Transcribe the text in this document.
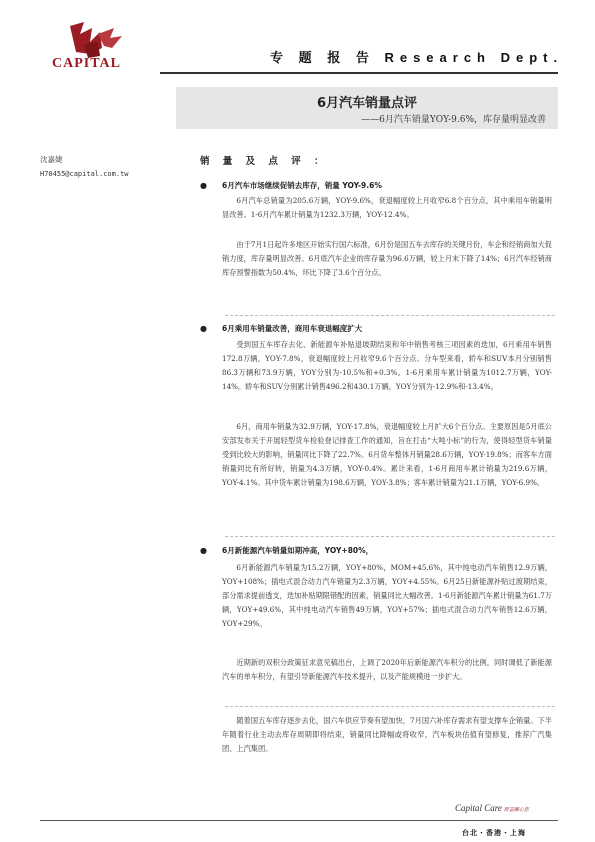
CAPITAL	专 题 报 告 Research Dept.
6月汽车销量点评
——6月汽车销量YOY-9.6%，库存量明显改善
沈嘉婕
H70455@capital.com.tw
销 量 及 点 评 ：
● 6月汽车市场继续促销去库存，销量 YOY-9.6%
6月汽车总销量为205.6万辆，YOY-9.6%，衰退幅度较上月收窄6.8个百分点，其中乘用车销量明显改善。1-6月汽车累计销量为1232.3万辆，YOY-12.4%。
由于7月1日起许多地区开始实行国六标准，6月份是国五车去库存的关键月份，车企和经销商加大促销力度，库存量明显改善。6月底汽车企业的库存量为96.6万辆，较上月末下降了14%；6月汽车经销商库存预警指数为50.4%，环比下降了3.6个百分点。
● 6月乘用车销量改善，商用车衰退幅度扩大
受到国五车库存去化、新能源车补贴退坡期结束和年中销售考核三项因素的迭加，6月乘用车销售172.8万辆，YOY-7.8%，衰退幅度较上月收窄9.6个百分点。分车型来看，轿车和SUV本月分别销售86.3万辆和73.9万辆，YOY分别为-10.5%和+0.3%。1-6月乘用车累计销量为1012.7万辆，YOY-14%。轿车和SUV分别累计销售496.2和430.1万辆，YOY分别为-12.9%和-13.4%。
6月，商用车销量为32.9万辆，YOY-17.8%，衰退幅度较上月扩大6个百分点。主要原因是5月底公安部发布关于开展轻型货车检验登记排查工作的通知，旨在打击“大吨小标”的行为，使得轻型货车销量受到比较大的影响，销量同比下降了22.7%。6月货车整体月销量28.6万辆，YOY-19.8%；而客车方面销量同比有所好转，销量为4.3万辆，YOY-0.4%。累计来看，1-6月商用车累计销量为219.6万辆，YOY-4.1%。其中货车累计销量为198.6万辆，YOY-3.8%；客车累计销量为21.1万辆，YOY-6.9%。
● 6月新能源汽车销量如期冲高，YOY+80%，
6月新能源汽车销量为15.2万辆，YOY+80%，MOM+45.6%，其中纯电动汽车销售12.9万辆，YOY+108%；插电式混合动力汽车销量为2.3万辆，YOY+4.55%。6月25日新能源补贴过渡期结束，部分需求提前透支，迭加补贴期限错配的因素，销量同比大幅改善。1-6月新能源汽车累计销量为61.7万辆，YOY+49.6%，其中纯电动汽车销售49万辆，YOY+57%；插电式混合动力汽车销售12.6万辆，YOY+29%。
近期新的双积分政策征求意见稿出台，上调了2020年后新能源汽车积分的比例，同时调低了新能源汽车的单车积分，有望引导新能源汽车技术提升，以及产能规模进一步扩大。
随着国五车库存逐步去化，国六车供应节奏有望加快，7月国六补库存需求有望支撑车企销量。下半年随着行业主动去库存周期即将结束，销量同比降幅或将收窄，汽车板块估值有望修复，推荐广汽集团、上汽集团。
Capital Care 群益關心您
台北・香港・上海
